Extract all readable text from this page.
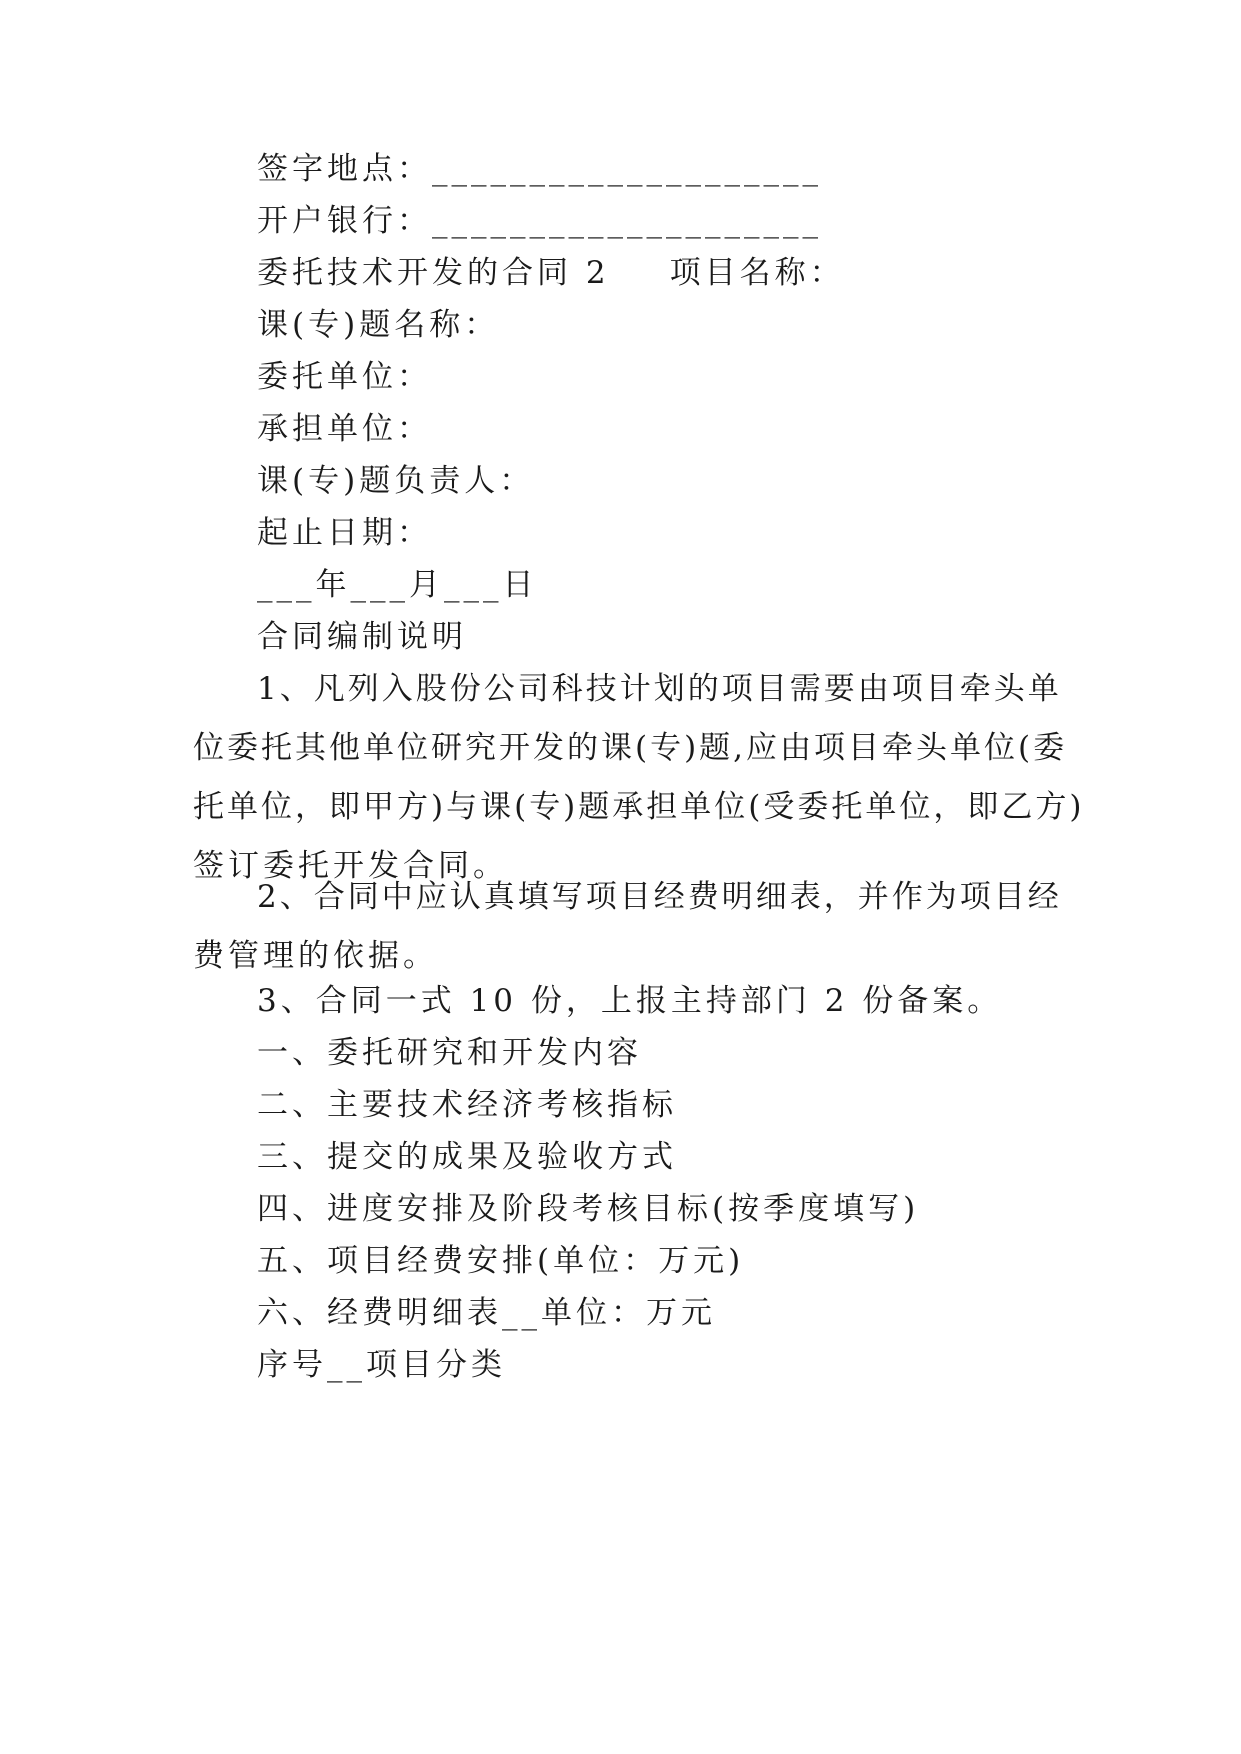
签字地点：____________________
开户银行：____________________
委托技术开发的合同 2 项目名称：
课(专)题名称：
委托单位：
承担单位：
课(专)题负责人：
起止日期：
___年___月___日
合同编制说明
1、凡列入股份公司科技计划的项目需要由项目牵头单
位委托其他单位研究开发的课(专)题,应由项目牵头单位(委
托单位，即甲方)与课(专)题承担单位(受委托单位，即乙方)
签订委托开发合同。
2、合同中应认真填写项目经费明细表，并作为项目经
费管理的依据。
3、合同一式 10 份，上报主持部门 2 份备案。
一、委托研究和开发内容
二、主要技术经济考核指标
三、提交的成果及验收方式
四、进度安排及阶段考核目标(按季度填写)
五、项目经费安排(单位：万元)
六、经费明细表__单位：万元
序号__项目分类
